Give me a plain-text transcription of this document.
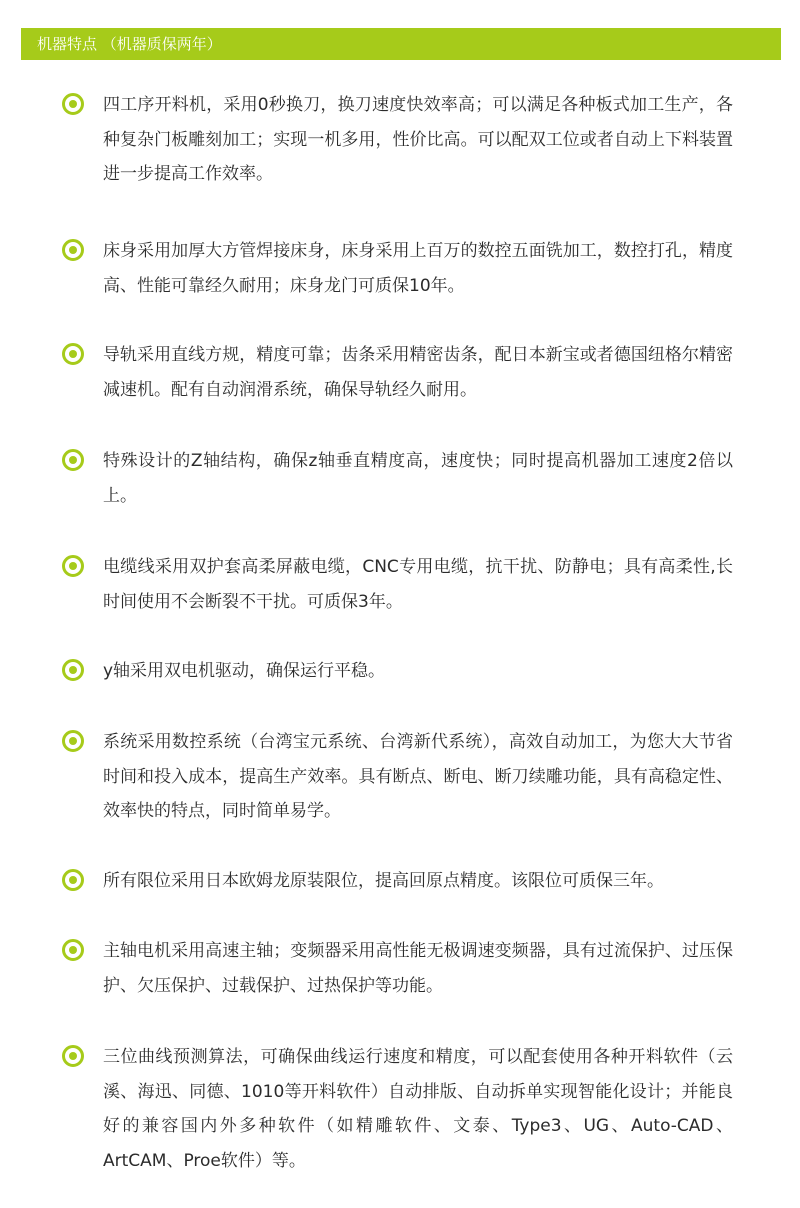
机器特点 （机器质保两年）
四工序开料机，采用0秒换刀，换刀速度快效率高；可以满足各种板式加工生产，各种复杂门板雕刻加工；实现一机多用，性价比高。可以配双工位或者自动上下料装置进一步提高工作效率。
床身采用加厚大方管焊接床身，床身采用上百万的数控五面铣加工，数控打孔，精度高、性能可靠经久耐用；床身龙门可质保10年。
导轨采用直线方规，精度可靠；齿条采用精密齿条，配日本新宝或者德国纽格尔精密减速机。配有自动润滑系统，确保导轨经久耐用。
特殊设计的Z轴结构，确保z轴垂直精度高，速度快；同时提高机器加工速度2倍以上。
电缆线采用双护套高柔屏蔽电缆，CNC专用电缆，抗干扰、防静电；具有高柔性,长时间使用不会断裂不干扰。可质保3年。
y轴采用双电机驱动，确保运行平稳。
系统采用数控系统（台湾宝元系统、台湾新代系统），高效自动加工，为您大大节省时间和投入成本，提高生产效率。具有断点、断电、断刀续雕功能，具有高稳定性、效率快的特点，同时简单易学。
所有限位采用日本欧姆龙原装限位，提高回原点精度。该限位可质保三年。
主轴电机采用高速主轴；变频器采用高性能无极调速变频器，具有过流保护、过压保护、欠压保护、过载保护、过热保护等功能。
三位曲线预测算法，可确保曲线运行速度和精度，可以配套使用各种开料软件（云溪、海迅、同德、1010等开料软件）自动排版、自动拆单实现智能化设计；并能良好的兼容国内外多种软件（如精雕软件、文泰、Type3、UG、Auto-CAD、ArtCAM、Proe软件）等。
